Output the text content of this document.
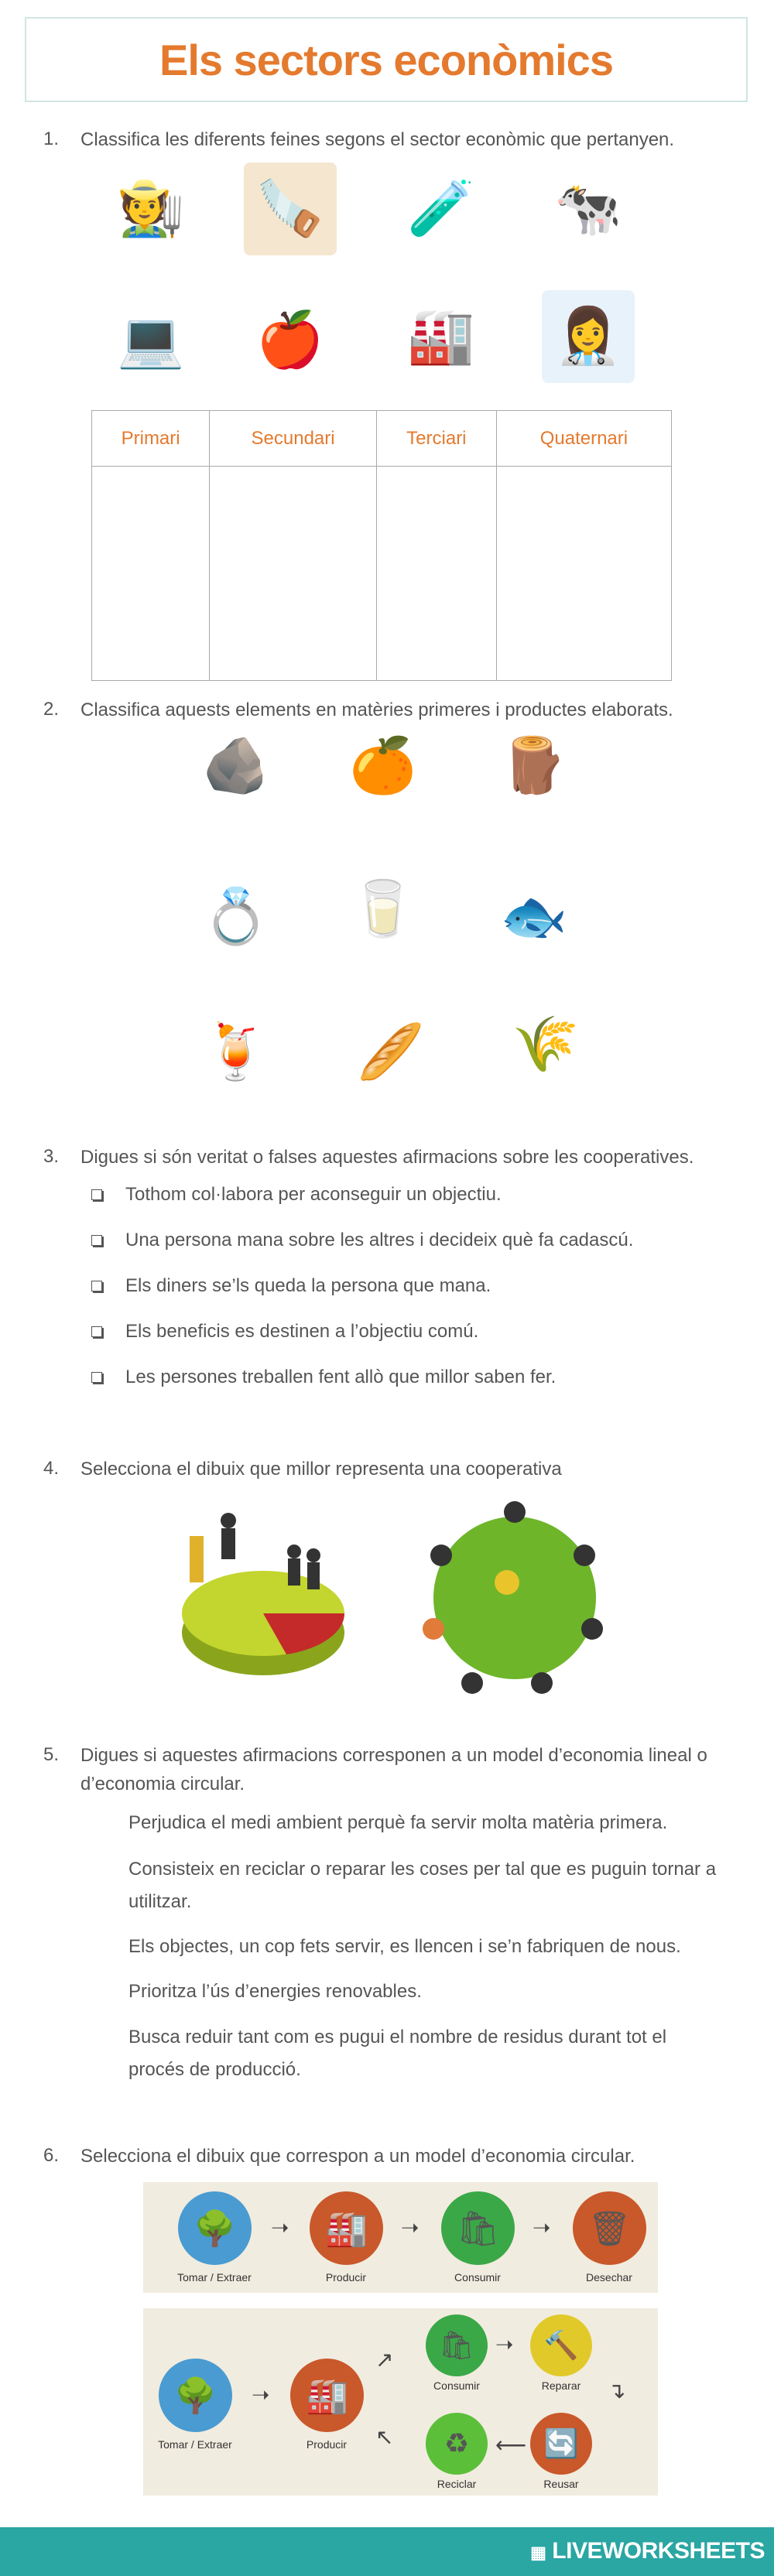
Els sectors econòmics
1. Classifica les diferents feines segons el sector econòmic que pertanyen.
🧑‍🌾 🪚 🧪 🐄
💻 🍎 🏭 👩‍⚕️
Primari	Secundari	Terciari	Quaternari

2. Classifica aquests elements en matèries primeres i productes elaborats.
🪨 🍊 🪵
💍 🥛 🐟
🍹 🥖 🌾
3. Digues si són veritat o falses aquestes afirmacions sobre les cooperatives.
Tothom col·labora per aconseguir un objectiu.
Una persona mana sobre les altres i decideix què fa cadascú.
Els diners se’ls queda la persona que mana.
Els beneficis es destinen a l’objectiu comú.
Les persones treballen fent allò que millor saben fer.
4. Selecciona el dibuix que millor representa una cooperativa
5. Digues si aquestes afirmacions corresponen a un model d’economia lineal o
d’economia circular.
Perjudica el medi ambient perquè fa servir molta matèria primera.
Consisteix en reciclar o reparar les coses per tal que es puguin tornar a
utilitzar.
Els objectes, un cop fets servir, es llencen i se’n fabriquen de nous.
Prioritza l’ús d’energies renovables.
Busca reduir tant com es pugui el nombre de residus durant tot el
procés de producció.
6. Selecciona el dibuix que correspon a un model d’economia circular.
🌳	➝	🏭	➝	🛍	➝	🗑
Tomar / Extraer	Producir	Consumir	Desechar
🌳	➝	🏭
🛍	🔨
♻	🔄
↗
➝
↴
⟵
↖
Tomar / Extraer	Producir
Consumir	Reparar
Reciclar	Reusar
▦ LIVEWORKSHEETS
